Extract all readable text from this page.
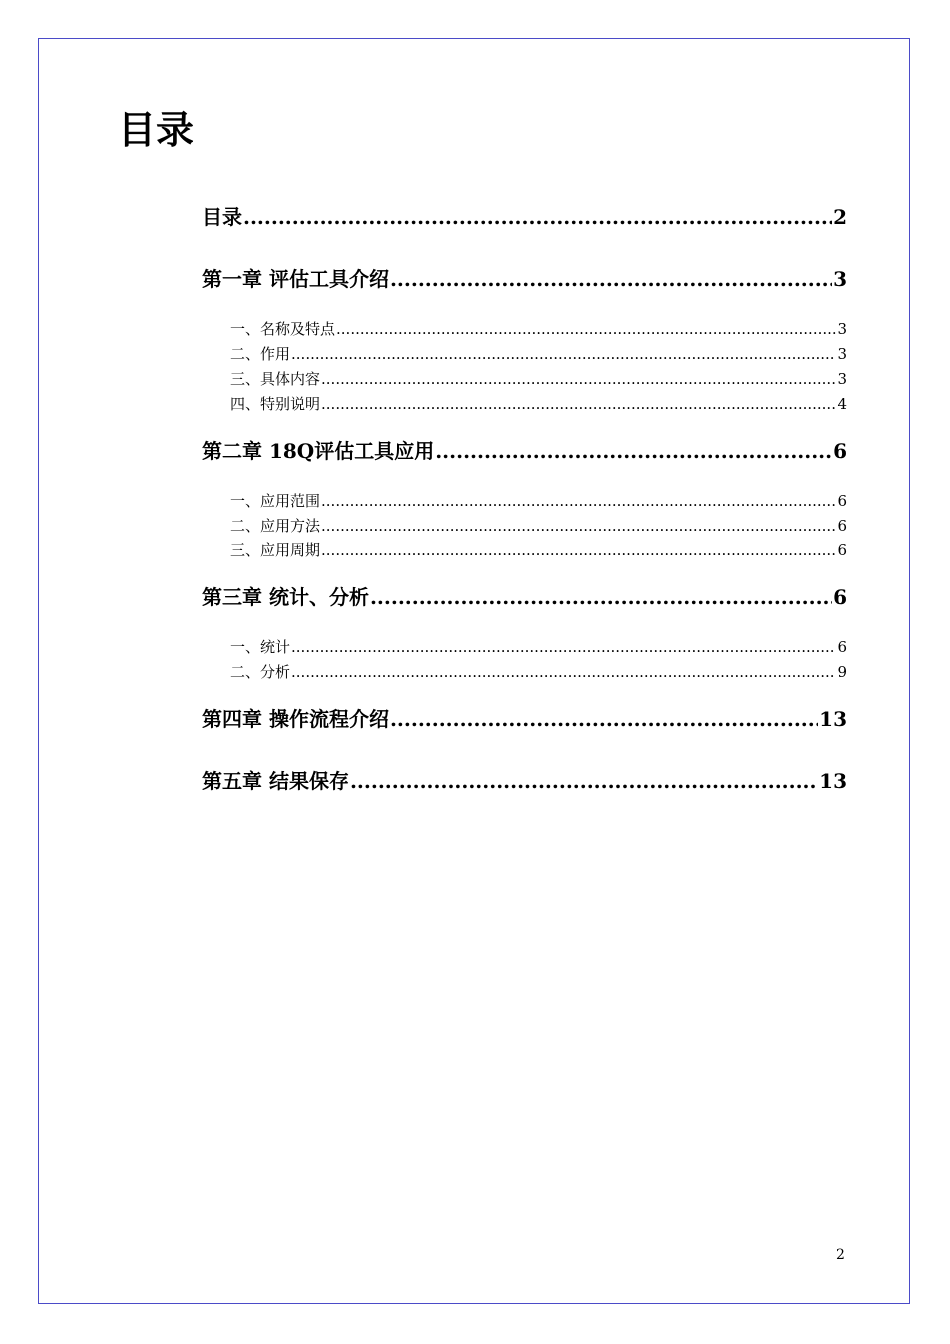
目录
目录 .....	2
第一章 评估工具介绍 .....	3
一、名称及特点 .....	3
二、作用 .....	3
三、具体内容 .....	3
四、特别说明 .....	4
第二章 18Q评估工具应用 .....	6
一、应用范围 .....	6
二、应用方法 .....	6
三、应用周期 .....	6
第三章 统计、分析 .....	6
一、统计 .....	6
二、分析 .....	9
第四章 操作流程介绍 .....	13
第五章 结果保存 .....	13
2
